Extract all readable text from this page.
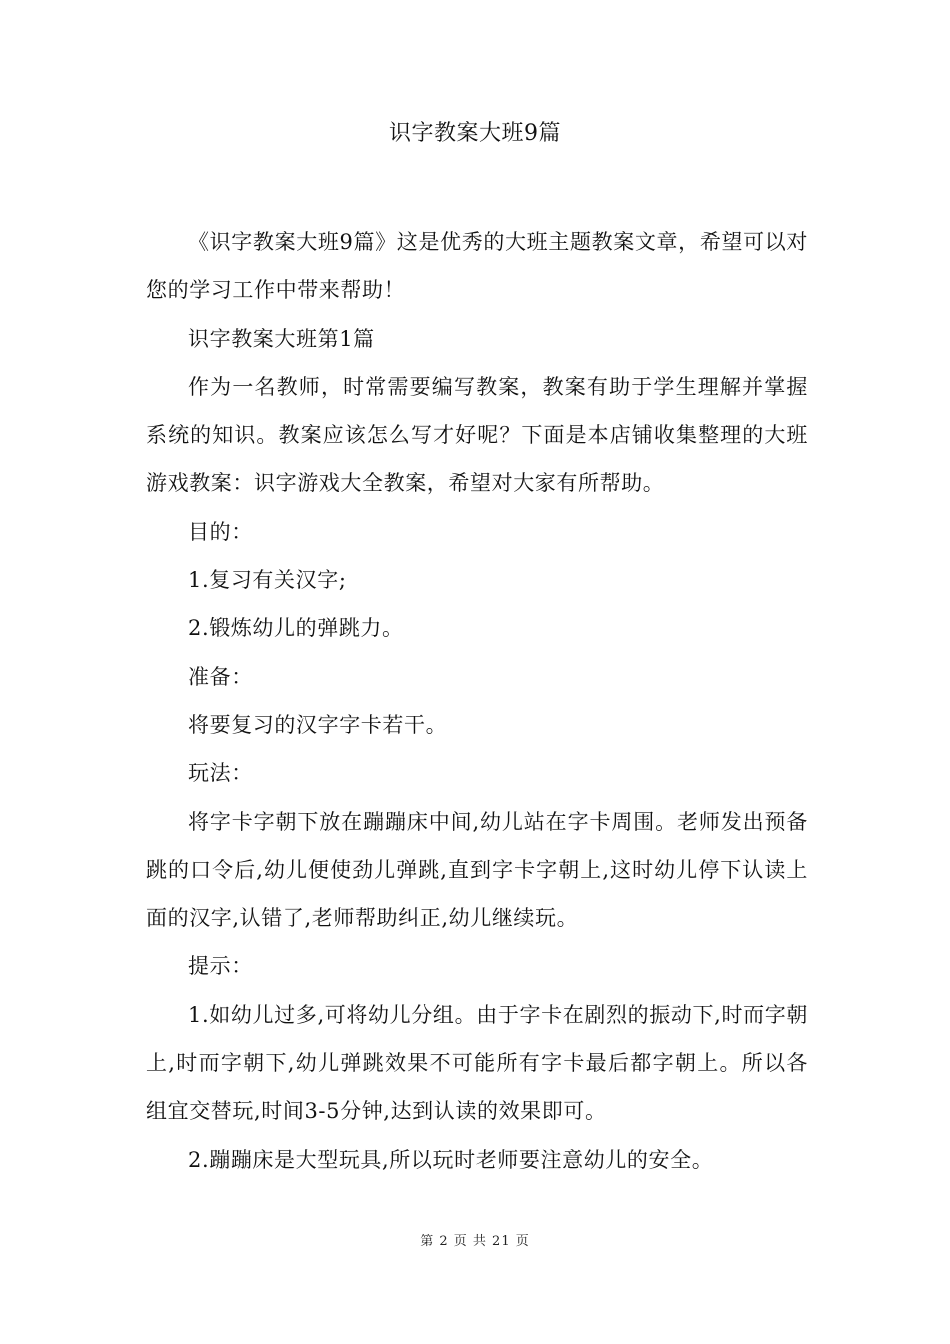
识字教案大班9篇

《识字教案大班9篇》这是优秀的大班主题教案文章，希望可以对您的学习工作中带来帮助！

识字教案大班第1篇

作为一名教师，时常需要编写教案，教案有助于学生理解并掌握系统的知识。教案应该怎么写才好呢？下面是本店铺收集整理的大班游戏教案：识字游戏大全教案，希望对大家有所帮助。

目的：

1.复习有关汉字;

2.锻炼幼儿的弹跳力。

准备：

将要复习的汉字字卡若干。

玩法：

将字卡字朝下放在蹦蹦床中间,幼儿站在字卡周围。老师发出预备跳的口令后,幼儿便使劲儿弹跳,直到字卡字朝上,这时幼儿停下认读上面的汉字,认错了,老师帮助纠正,幼儿继续玩。

提示：

1.如幼儿过多,可将幼儿分组。由于字卡在剧烈的振动下,时而字朝上,时而字朝下,幼儿弹跳效果不可能所有字卡最后都字朝上。所以各组宜交替玩,时间3-5分钟,达到认读的效果即可。

2.蹦蹦床是大型玩具,所以玩时老师要注意幼儿的安全。

第 2 页 共 21 页
